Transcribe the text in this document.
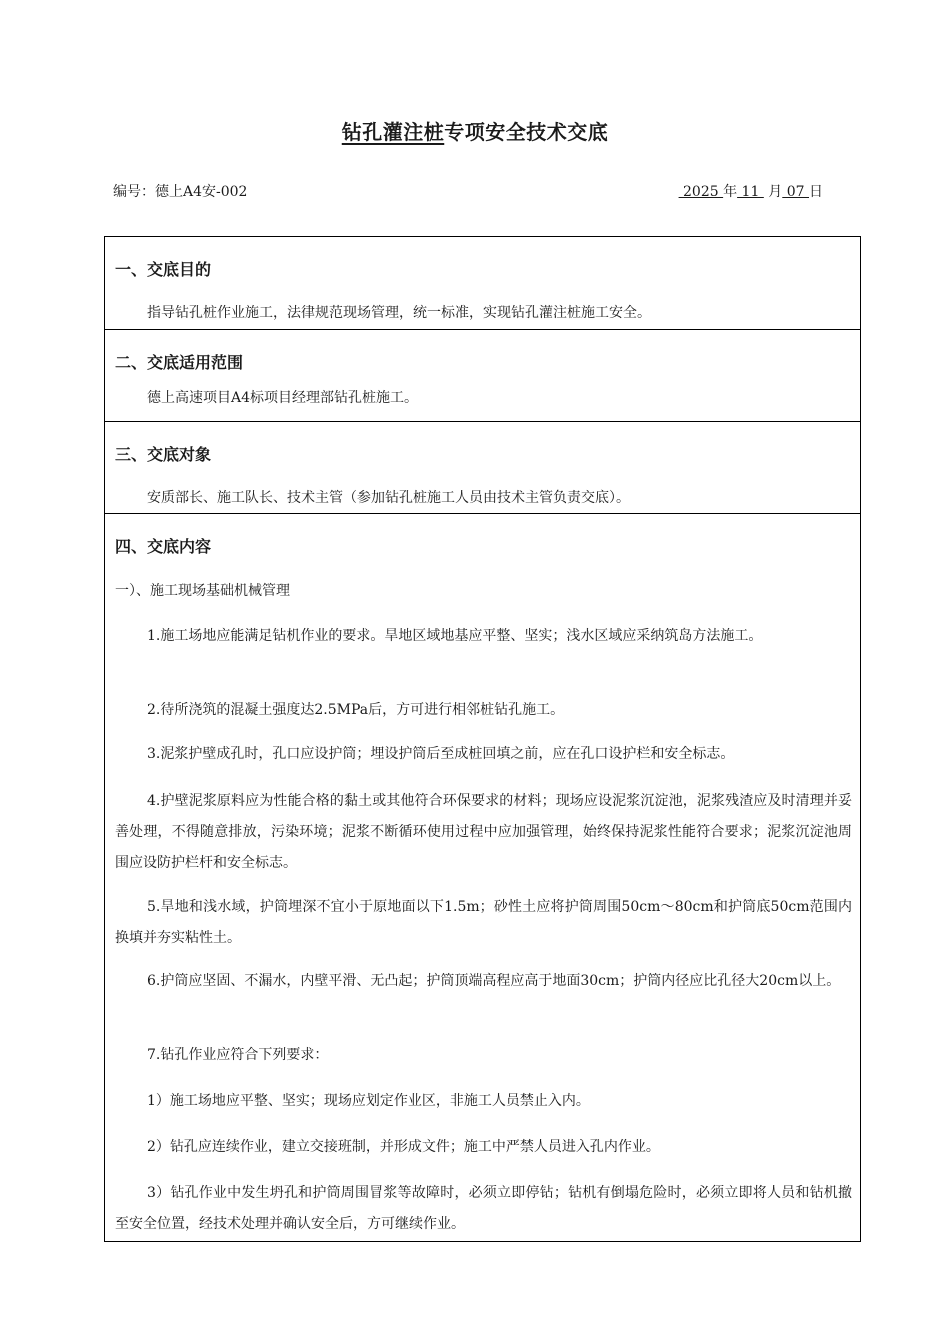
钻孔灌注桩专项安全技术交底
编号：德上A4安-002	2025 年 11  月 07 日
一、交底目的
指导钻孔桩作业施工，法律规范现场管理，统一标准，实现钻孔灌注桩施工安全。
二、交底适用范围
德上高速项目A4标项目经理部钻孔桩施工。
三、交底对象
安质部长、施工队长、技术主管（参加钻孔桩施工人员由技术主管负责交底）。
四、交底内容
一）、施工现场基础机械管理
1.施工场地应能满足钻机作业的要求。旱地区域地基应平整、坚实；浅水区域应采纳筑岛方法施工。
2.待所浇筑的混凝土强度达2.5MPa后，方可进行相邻桩钻孔施工。
3.泥浆护壁成孔时，孔口应设护筒；埋设护筒后至成桩回填之前，应在孔口设护栏和安全标志。
4.护壁泥浆原料应为性能合格的黏土或其他符合环保要求的材料；现场应设泥浆沉淀池，泥浆残渣应及时清理并妥善处理，不得随意排放，污染环境；泥浆不断循环使用过程中应加强管理，始终保持泥浆性能符合要求；泥浆沉淀池周围应设防护栏杆和安全标志。
5.旱地和浅水域，护筒埋深不宜小于原地面以下1.5m；砂性土应将护筒周围50cm～80cm和护筒底50cm范围内换填并夯实粘性土。
6.护筒应坚固、不漏水，内壁平滑、无凸起；护筒顶端高程应高于地面30cm；护筒内径应比孔径大20cm以上。
7.钻孔作业应符合下列要求：
1）施工场地应平整、坚实；现场应划定作业区，非施工人员禁止入内。
2）钻孔应连续作业，建立交接班制，并形成文件；施工中严禁人员进入孔内作业。
3）钻孔作业中发生坍孔和护筒周围冒浆等故障时，必须立即停钻；钻机有倒塌危险时，必须立即将人员和钻机撤至安全位置，经技术处理并确认安全后，方可继续作业。
